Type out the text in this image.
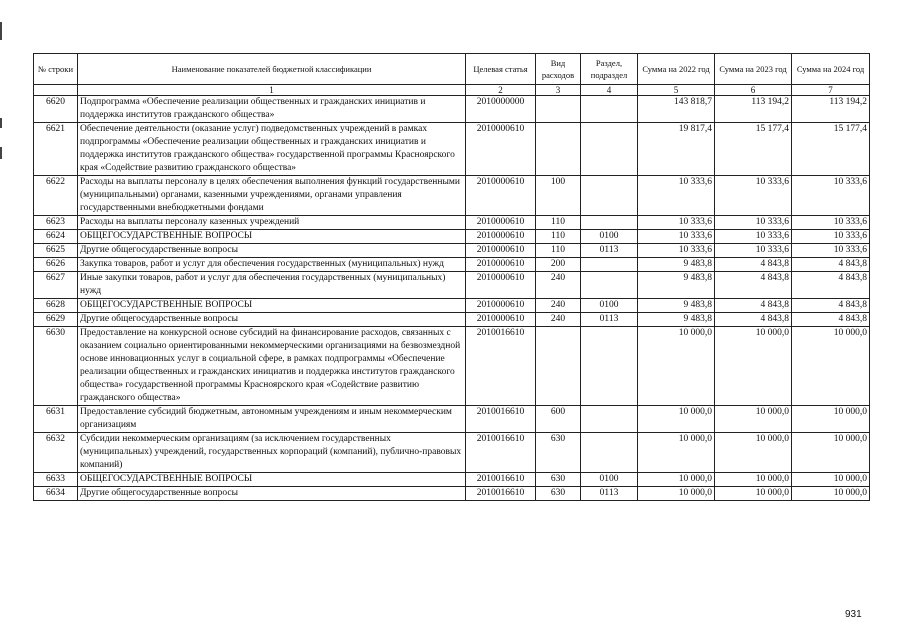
№ строки	Наименование показателей бюджетной классификации	Целевая статья	Вид расходов	Раздел, подраздел	Сумма на 2022 год	Сумма на 2023 год	Сумма на 2024 год
	1	2	3	4	5	6	7
6620	Подпрограмма «Обеспечение реализации общественных и гражданских инициатив и поддержка институтов гражданского общества»	2010000000			143 818,7	113 194,2	113 194,2
6621	Обеспечение деятельности (оказание услуг) подведомственных учреждений в рамках подпрограммы «Обеспечение реализации общественных и гражданских инициатив и поддержка институтов гражданского общества» государственной программы Красноярского края «Содействие развитию гражданского общества»	2010000610			19 817,4	15 177,4	15 177,4
6622	Расходы на выплаты персоналу в целях обеспечения выполнения функций государственными (муниципальными) органами, казенными учреждениями, органами управления государственными внебюджетными фондами	2010000610	100		10 333,6	10 333,6	10 333,6
6623	Расходы на выплаты персоналу казенных учреждений	2010000610	110		10 333,6	10 333,6	10 333,6
6624	ОБЩЕГОСУДАРСТВЕННЫЕ ВОПРОСЫ	2010000610	110	0100	10 333,6	10 333,6	10 333,6
6625	Другие общегосударственные вопросы	2010000610	110	0113	10 333,6	10 333,6	10 333,6
6626	Закупка товаров, работ и услуг для обеспечения государственных (муниципальных) нужд	2010000610	200		9 483,8	4 843,8	4 843,8
6627	Иные закупки товаров, работ и услуг для обеспечения государственных (муниципальных) нужд	2010000610	240		9 483,8	4 843,8	4 843,8
6628	ОБЩЕГОСУДАРСТВЕННЫЕ ВОПРОСЫ	2010000610	240	0100	9 483,8	4 843,8	4 843,8
6629	Другие общегосударственные вопросы	2010000610	240	0113	9 483,8	4 843,8	4 843,8
6630	Предоставление на конкурсной основе субсидий на финансирование расходов, связанных с оказанием социально ориентированными некоммерческими организациями на безвозмездной основе инновационных услуг в социальной сфере, в рамках подпрограммы «Обеспечение реализации общественных и гражданских инициатив и поддержка институтов гражданского общества» государственной программы Красноярского края «Содействие развитию гражданского общества»	2010016610			10 000,0	10 000,0	10 000,0
6631	Предоставление субсидий бюджетным, автономным учреждениям и иным некоммерческим организациям	2010016610	600		10 000,0	10 000,0	10 000,0
6632	Субсидии некоммерческим организациям (за исключением государственных (муниципальных) учреждений, государственных корпораций (компаний), публично-правовых компаний)	2010016610	630		10 000,0	10 000,0	10 000,0
6633	ОБЩЕГОСУДАРСТВЕННЫЕ ВОПРОСЫ	2010016610	630	0100	10 000,0	10 000,0	10 000,0
6634	Другие общегосударственные вопросы	2010016610	630	0113	10 000,0	10 000,0	10 000,0
931
